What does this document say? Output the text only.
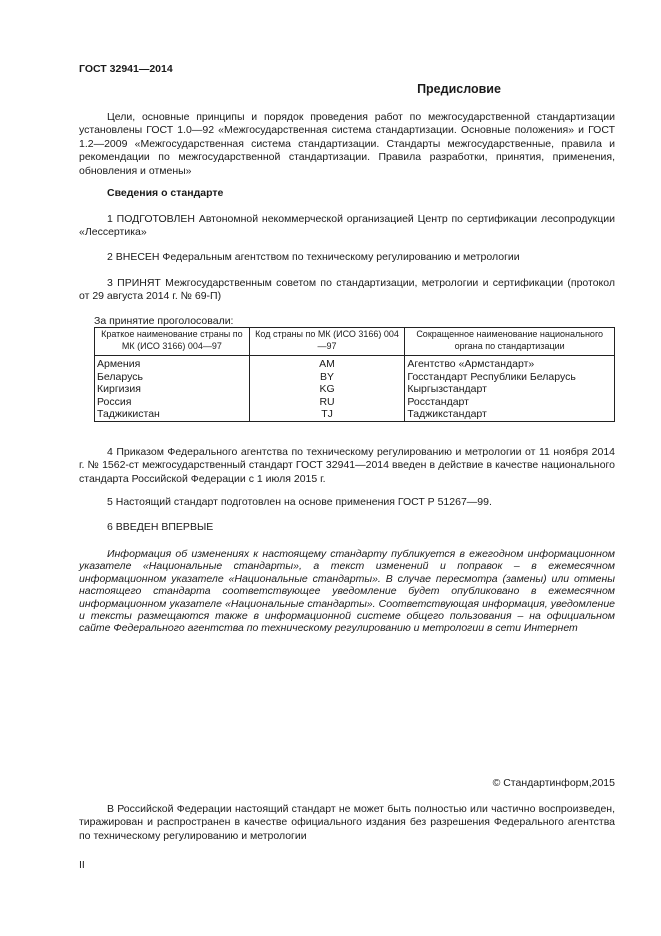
ГОСТ 32941—2014
Предисловие

Цели, основные принципы и порядок проведения работ по межгосударственной стандартизации установлены ГОСТ 1.0—92 «Межгосударственная система стандартизации. Основные положения» и ГОСТ 1.2—2009 «Межгосударственная система стандартизации. Стандарты межгосударственные, правила и рекомендации по межгосударственной стандартизации. Правила разработки, принятия, применения, обновления и отмены»

Сведения о стандарте

1 ПОДГОТОВЛЕН Автономной некоммерческой организацией Центр по сертификации лесопродукции «Лессертика»

2 ВНЕСЕН Федеральным агентством по техническому регулированию и метрологии

3 ПРИНЯТ Межгосударственным советом по стандартизации, метрологии и сертификации (протокол от 29 августа 2014 г. № 69-П)

За принятие проголосовали:

Краткое наименование страны по МК (ИСО 3166) 004—97	Код страны по МК (ИСО 3166) 004—97	Сокращенное наименование национального органа по стандартизации
Армения	AM	Агентство «Армстандарт»
Беларусь	BY	Госстандарт Республики Беларусь
Киргизия	KG	Кыргызстандарт
Россия	RU	Росстандарт
Таджикистан	TJ	Таджикстандарт

4 Приказом Федерального агентства по техническому регулированию и метрологии от 11 ноября 2014 г. № 1562-ст межгосударственный стандарт ГОСТ 32941—2014 введен в действие в качестве национального стандарта Российской Федерации с 1 июля 2015 г.

5 Настоящий стандарт подготовлен на основе применения ГОСТ Р 51267—99.

6 ВВЕДЕН ВПЕРВЫЕ

Информация об изменениях к настоящему стандарту публикуется в ежегодном информационном указателе «Национальные стандарты», а текст изменений и поправок – в ежемесячном информационном указателе «Национальные стандарты». В случае пересмотра (замены) или отмены настоящего стандарта соответствующее уведомление будет опубликовано в ежемесячном информационном указателе «Национальные стандарты». Соответствующая информация, уведомление и тексты размещаются также в информационной системе общего пользования – на официальном сайте Федерального агентства по техническому регулированию и метрологии в сети Интернет

© Стандартинформ,2015

В Российской Федерации настоящий стандарт не может быть полностью или частично воспроизведен, тиражирован и распространен в качестве официального издания без разрешения Федерального агентства по техническому регулированию и метрологии

II
